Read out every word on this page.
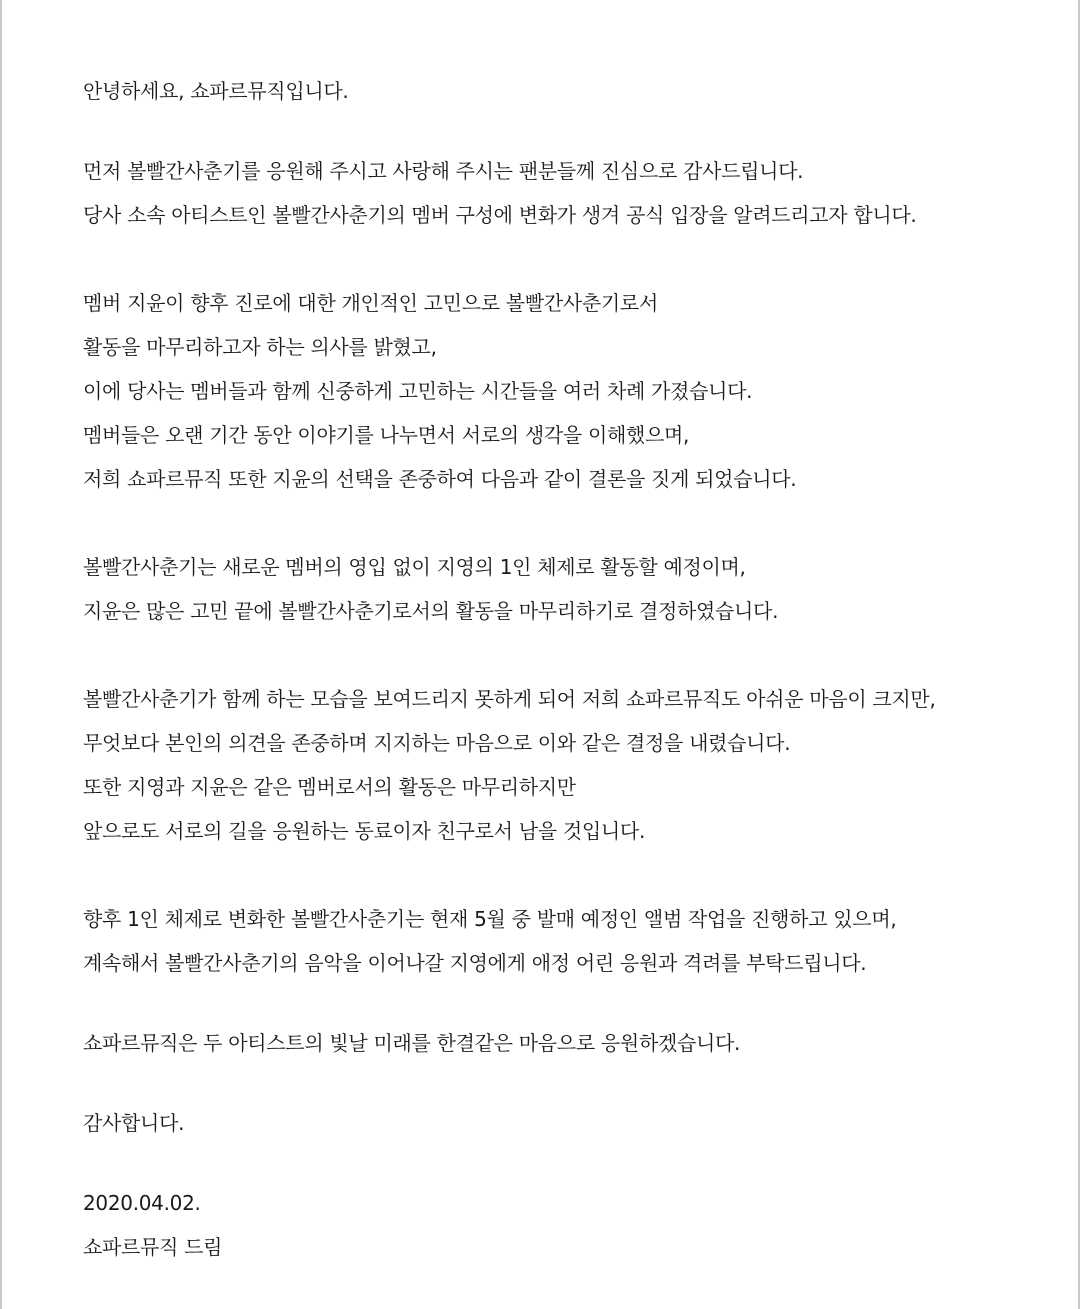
안녕하세요, 쇼파르뮤직입니다.
먼저 볼빨간사춘기를 응원해 주시고 사랑해 주시는 팬분들께 진심으로 감사드립니다.
당사 소속 아티스트인 볼빨간사춘기의 멤버 구성에 변화가 생겨 공식 입장을 알려드리고자 합니다.
멤버 지윤이 향후 진로에 대한 개인적인 고민으로 볼빨간사춘기로서
활동을 마무리하고자 하는 의사를 밝혔고,
이에 당사는 멤버들과 함께 신중하게 고민하는 시간들을 여러 차례 가졌습니다.
멤버들은 오랜 기간 동안 이야기를 나누면서 서로의 생각을 이해했으며,
저희 쇼파르뮤직 또한 지윤의 선택을 존중하여 다음과 같이 결론을 짓게 되었습니다.
볼빨간사춘기는 새로운 멤버의 영입 없이 지영의 1인 체제로 활동할 예정이며,
지윤은 많은 고민 끝에 볼빨간사춘기로서의 활동을 마무리하기로 결정하였습니다.
볼빨간사춘기가 함께 하는 모습을 보여드리지 못하게 되어 저희 쇼파르뮤직도 아쉬운 마음이 크지만,
무엇보다 본인의 의견을 존중하며 지지하는 마음으로 이와 같은 결정을 내렸습니다.
또한 지영과 지윤은 같은 멤버로서의 활동은 마무리하지만
앞으로도 서로의 길을 응원하는 동료이자 친구로서 남을 것입니다.
향후 1인 체제로 변화한 볼빨간사춘기는 현재 5월 중 발매 예정인 앨범 작업을 진행하고 있으며,
계속해서 볼빨간사춘기의 음악을 이어나갈 지영에게 애정 어린 응원과 격려를 부탁드립니다.
쇼파르뮤직은 두 아티스트의 빛날 미래를 한결같은 마음으로 응원하겠습니다.
감사합니다.
2020.04.02.
쇼파르뮤직 드림
